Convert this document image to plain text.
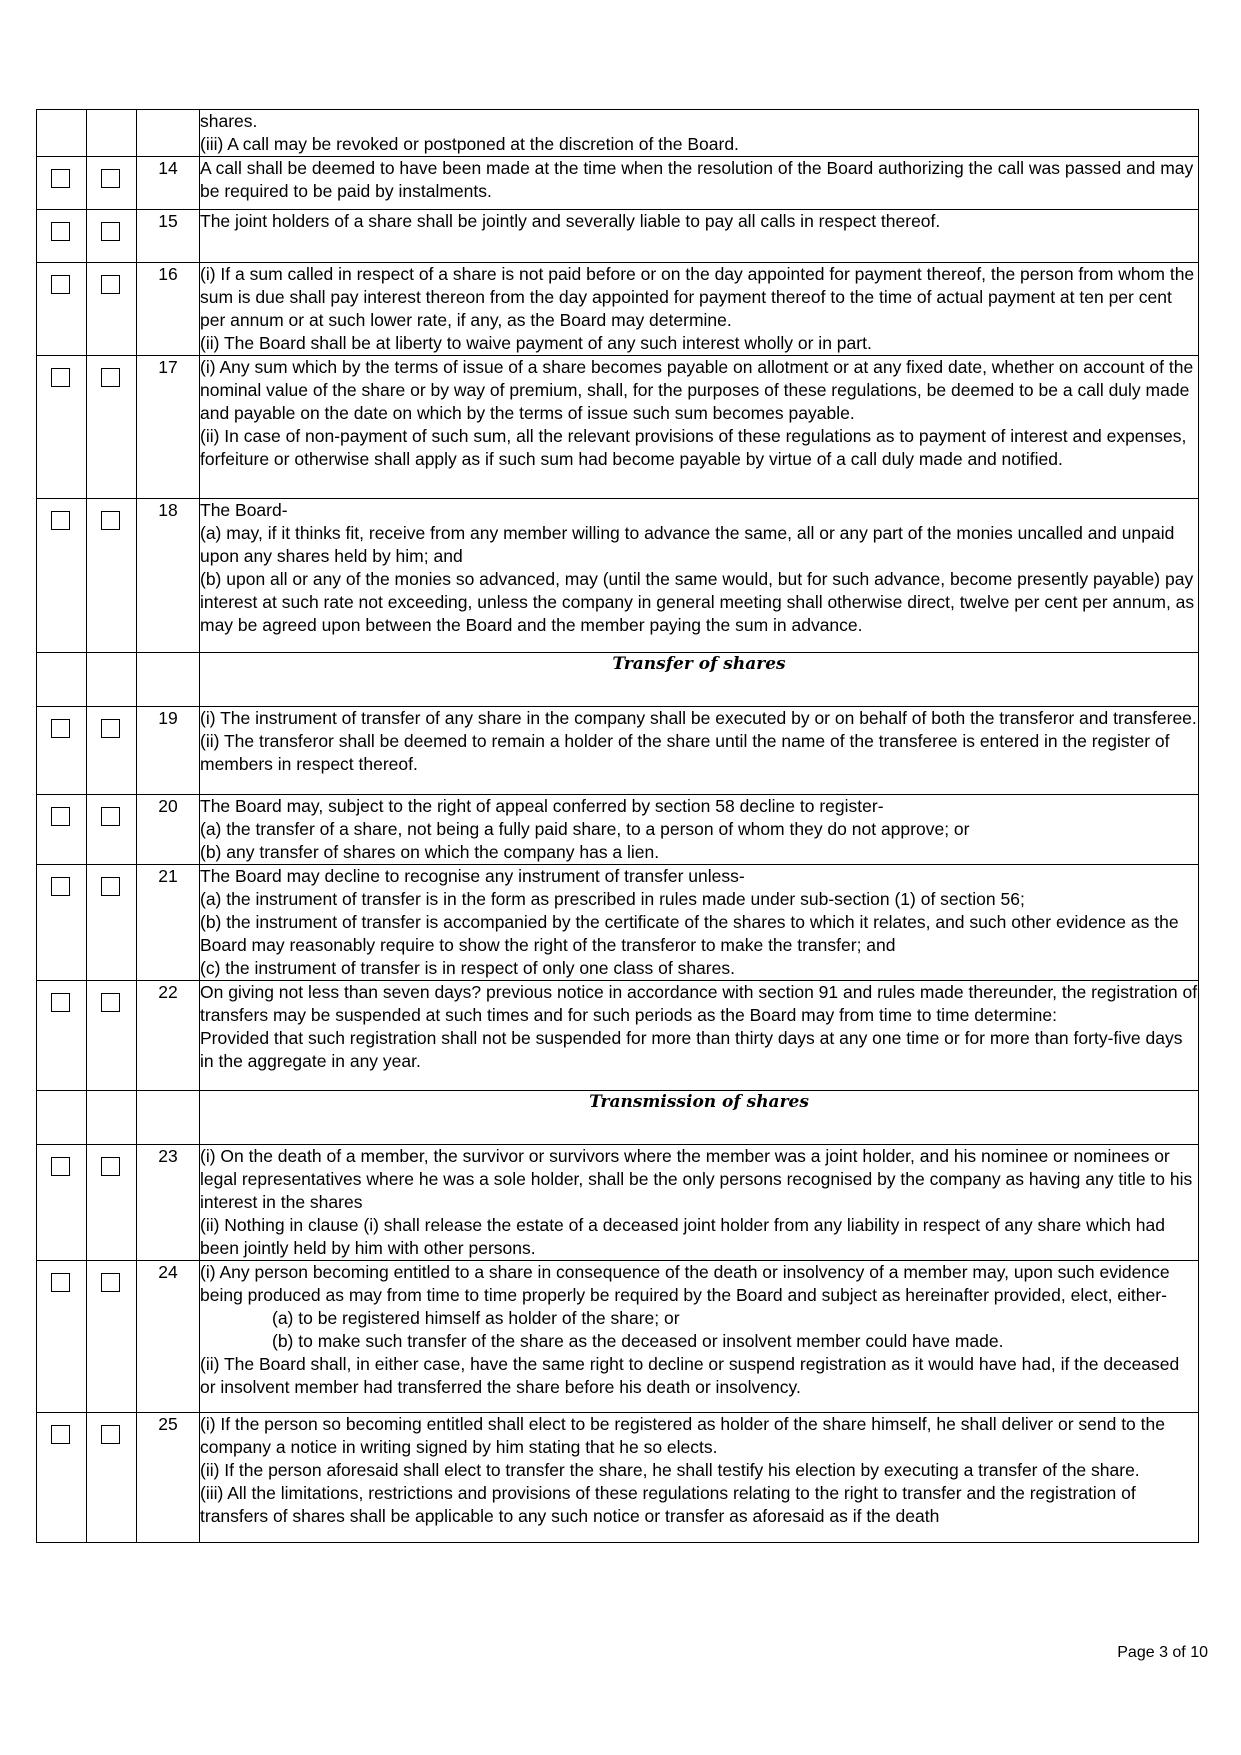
			shares.

(iii) A call may be revoked or postponed at the discretion of the Board.

	14	A call shall be deemed to have been made at the time when the resolution of the Board authorizing the call was passed and may be required to be paid by instalments.

	15	The joint holders of a share shall be jointly and severally liable to pay all calls in respect thereof.

	16	(i) If a sum called in respect of a share is not paid before or on the day appointed for payment thereof, the person from whom the sum is due shall pay interest thereon from the day appointed for payment thereof to the time of actual payment at ten per cent per annum or at such lower rate, if any, as the Board may determine.

(ii) The Board shall be at liberty to waive payment of any such interest wholly or in part.

	17	(i) Any sum which by the terms of issue of a share becomes payable on allotment or at any fixed date, whether on account of the nominal value of the share or by way of premium, shall, for the purposes of these regulations, be deemed to be a call duly made and payable on the date on which by the terms of issue such sum becomes payable.

(ii) In case of non-payment of such sum, all the relevant provisions of these regulations as to payment of interest and expenses, forfeiture or otherwise shall apply as if such sum had become payable by virtue of a call duly made and notified.

	18	The Board-

(a) may, if it thinks fit, receive from any member willing to advance the same, all or any part of the monies uncalled and unpaid upon any shares held by him; and

(b) upon all or any of the monies so advanced, may (until the same would, but for such advance, become presently payable) pay interest at such rate not exceeding, unless the company in general meeting shall otherwise direct, twelve per cent per annum, as may be agreed upon between the Board and the member paying the sum in advance.

			Transfer of shares

	19	(i) The instrument of transfer of any share in the company shall be executed by or on behalf of both the transferor and transferee.

(ii) The transferor shall be deemed to remain a holder of the share until the name of the transferee is entered in the register of members in respect thereof.

	20	The Board may, subject to the right of appeal conferred by section 58 decline to register-

(a) the transfer of a share, not being a fully paid share, to a person of whom they do not approve; or

(b) any transfer of shares on which the company has a lien.

	21	The Board may decline to recognise any instrument of transfer unless-

(a) the instrument of transfer is in the form as prescribed in rules made under sub-section (1) of section 56;

(b) the instrument of transfer is accompanied by the certificate of the shares to which it relates, and such other evidence as the Board may reasonably require to show the right of the transferor to make the transfer; and

(c) the instrument of transfer is in respect of only one class of shares.

	22	On giving not less than seven days? previous notice in accordance with section 91 and rules made thereunder, the registration of transfers may be suspended at such times and for such periods as the Board may from time to time determine:

Provided that such registration shall not be suspended for more than thirty days at any one time or for more than forty-five days in the aggregate in any year.

			Transmission of shares

	23	(i) On the death of a member, the survivor or survivors where the member was a joint holder, and his nominee or nominees or legal representatives where he was a sole holder, shall be the only persons recognised by the company as having any title to his interest in the shares

(ii) Nothing in clause (i) shall release the estate of a deceased joint holder from any liability in respect of any share which had been jointly held by him with other persons.

	24	(i) Any person becoming entitled to a share in consequence of the death or insolvency of a member may, upon such evidence being produced as may from time to time properly be required by the Board and subject as hereinafter provided, elect, either-

(a) to be registered himself as holder of the share; or

(b) to make such transfer of the share as the deceased or insolvent member could have made.

(ii) The Board shall, in either case, have the same right to decline or suspend registration as it would have had, if the deceased or insolvent member had transferred the share before his death or insolvency.

	25	(i) If the person so becoming entitled shall elect to be registered as holder of the share himself, he shall deliver or send to the company a notice in writing signed by him stating that he so elects.

(ii) If the person aforesaid shall elect to transfer the share, he shall testify his election by executing a transfer of the share.

(iii) All the limitations, restrictions and provisions of these regulations relating to the right to transfer and the registration of transfers of shares shall be applicable to any such notice or transfer as aforesaid as if the death

Page 3 of 10
